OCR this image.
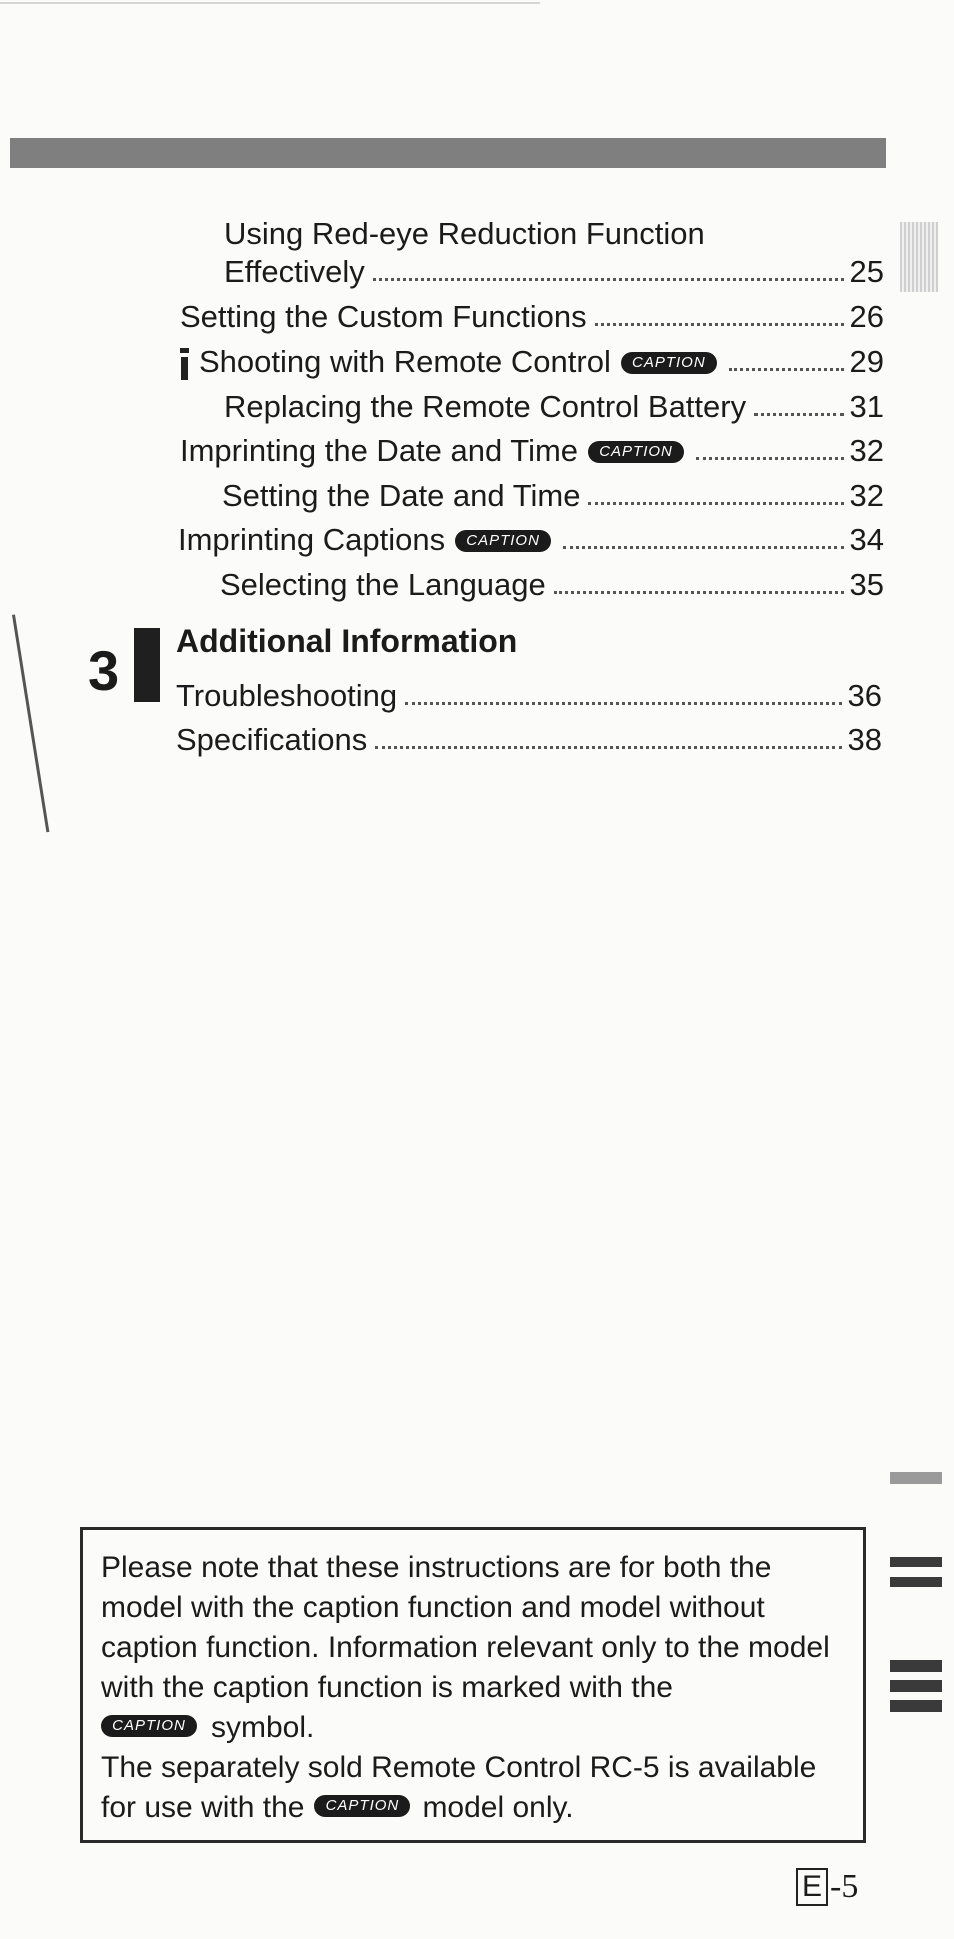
Using Red-eye Reduction Function
Effectively	25
Setting the Custom Functions	26
Shooting with Remote Control	CAPTION	29
Replacing the Remote Control Battery	31
Imprinting the Date and Time	CAPTION	32
Setting the Date and Time	32
Imprinting Captions	CAPTION	34
Selecting the Language	35
3 Additional Information
Troubleshooting	36
Specifications	38

Please note that these instructions are for both the model with the caption function and model without caption function. Information relevant only to the model with the caption function is marked with the
CAPTION symbol.

The separately sold Remote Control RC-5 is available for use with the CAPTION model only.

E -5
